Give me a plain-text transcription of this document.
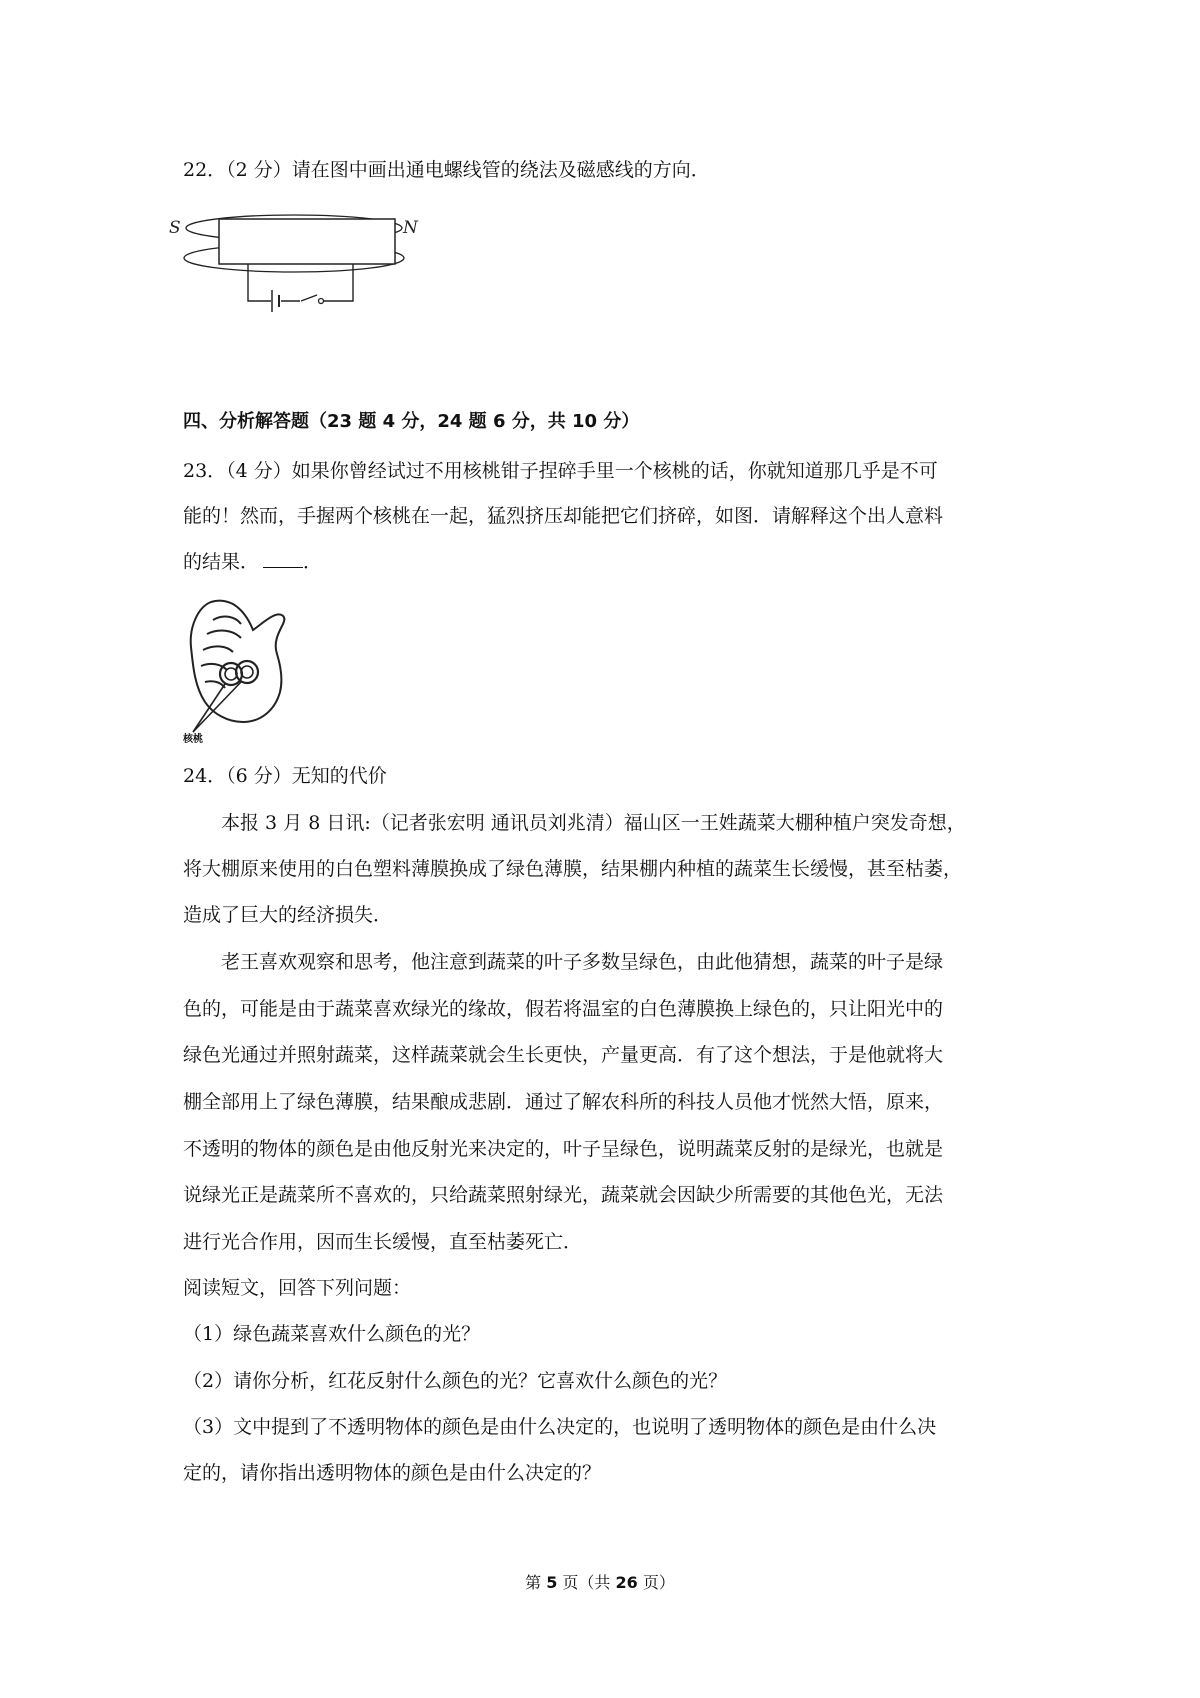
22．（2 分）请在图中画出通电螺线管的绕法及磁感线的方向．
S	N
四、分析解答题（23 题 4 分，24 题 6 分，共 10 分）
23．（4 分）如果你曾经试过不用核桃钳子捏碎手里一个核桃的话，你就知道那几乎是不可
能的！然而，手握两个核桃在一起，猛烈挤压却能把它们挤碎，如图．请解释这个出人意料
的结果． ．
核桃
24．（6 分）无知的代价
本报 3 月 8 日讯:（记者张宏明 通讯员刘兆清）福山区一王姓蔬菜大棚种植户突发奇想，
将大棚原来使用的白色塑料薄膜换成了绿色薄膜，结果棚内种植的蔬菜生长缓慢，甚至枯萎，
造成了巨大的经济损失．
老王喜欢观察和思考，他注意到蔬菜的叶子多数呈绿色，由此他猜想，蔬菜的叶子是绿
色的，可能是由于蔬菜喜欢绿光的缘故，假若将温室的白色薄膜换上绿色的，只让阳光中的
绿色光通过并照射蔬菜，这样蔬菜就会生长更快，产量更高．有了这个想法，于是他就将大
棚全部用上了绿色薄膜，结果酿成悲剧．通过了解农科所的科技人员他才恍然大悟，原来，
不透明的物体的颜色是由他反射光来决定的，叶子呈绿色，说明蔬菜反射的是绿光，也就是
说绿光正是蔬菜所不喜欢的，只给蔬菜照射绿光，蔬菜就会因缺少所需要的其他色光，无法
进行光合作用，因而生长缓慢，直至枯萎死亡．
阅读短文，回答下列问题：
（1）绿色蔬菜喜欢什么颜色的光？
（2）请你分析，红花反射什么颜色的光？它喜欢什么颜色的光？
（3）文中提到了不透明物体的颜色是由什么决定的，也说明了透明物体的颜色是由什么决
定的，请你指出透明物体的颜色是由什么决定的？
第 5 页（共 26 页）
